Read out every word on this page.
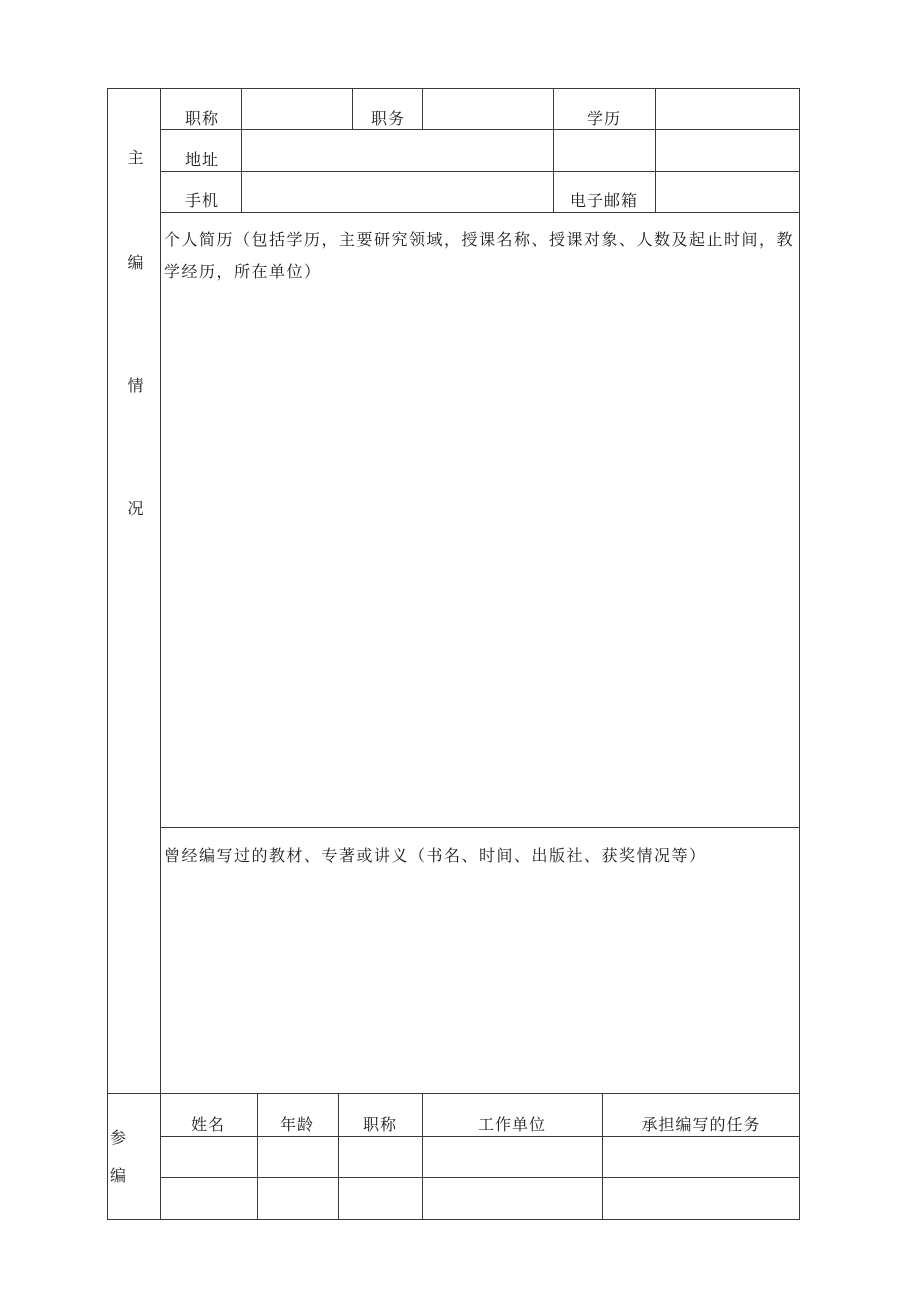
主
编
情
况
职称	职务	学历
地址
手机	电子邮箱
个人简历（包括学历，主要研究领域，授课名称、授课对象、人数及起止时间，教学经历，所在单位）
曾经编写过的教材、专著或讲义（书名、时间、出版社、获奖情况等）
参
编
姓名	年龄	职称	工作单位	承担编写的任务
